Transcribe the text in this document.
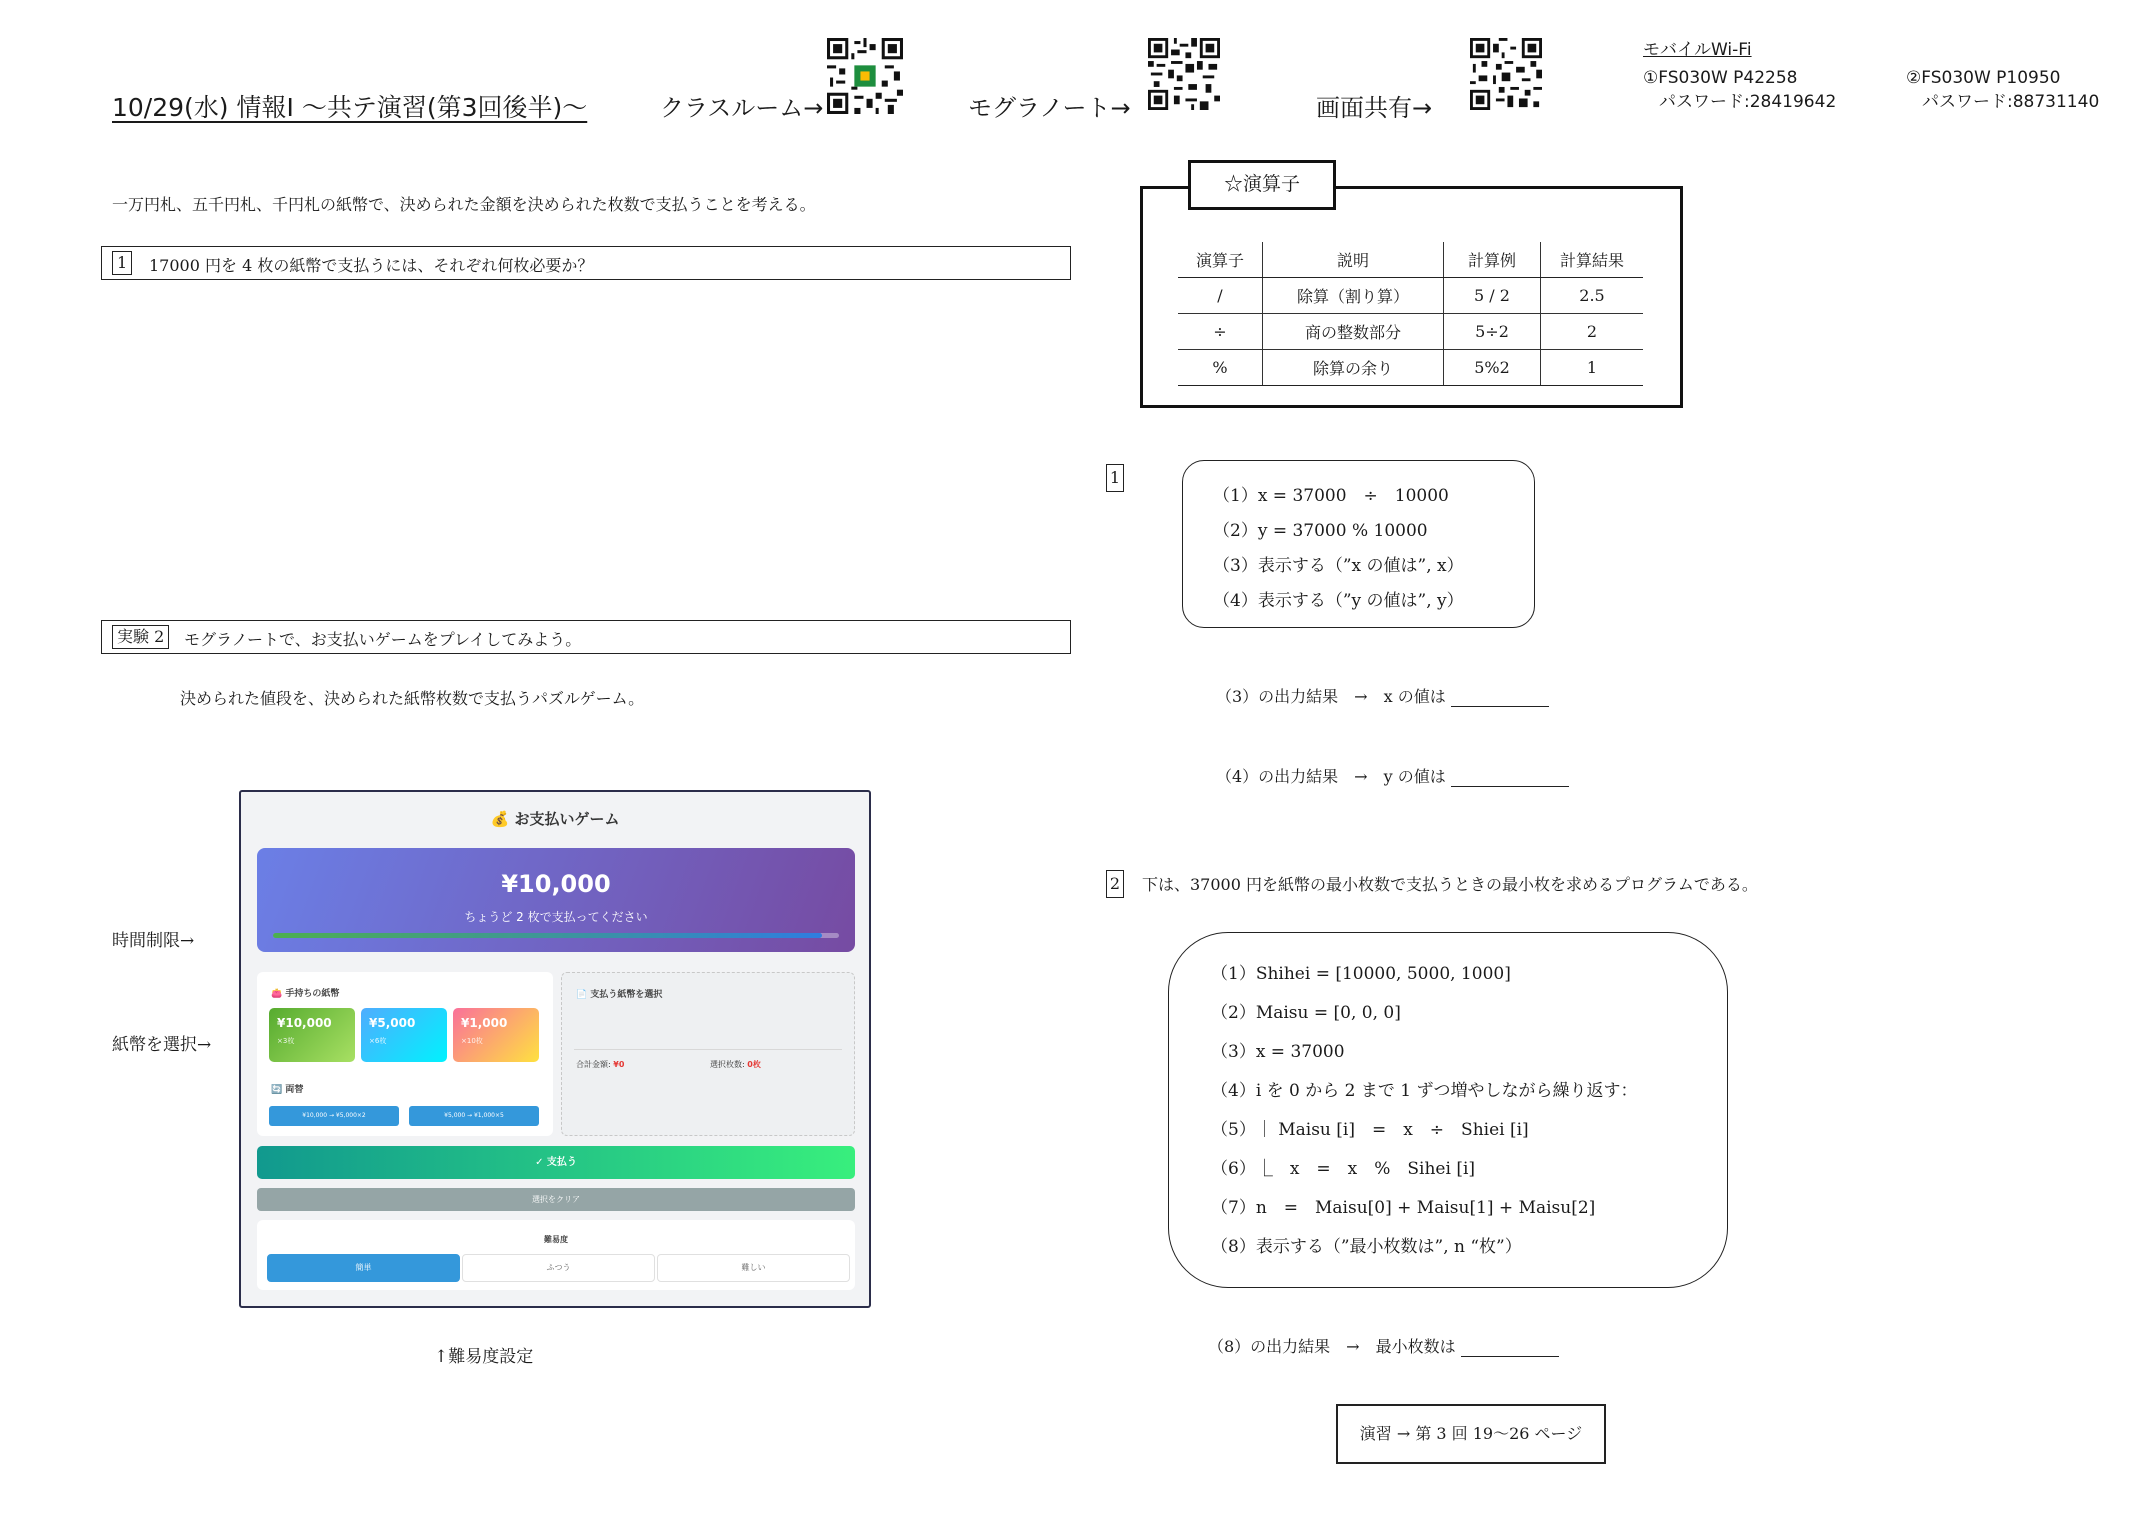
10/29(水) 情報Ⅰ ～共テ演習(第3回後半)～	クラスルーム→	モグラノート→	画面共有→
モバイルWi-Fi
①FS030W P42258
パスワード:28419642
②FS030W P10950
パスワード:88731140
一万円札、五千円札、千円札の紙幣で、決められた金額を決められた枚数で支払うことを考える。
1	17000 円を 4 枚の紙幣で支払うには、それぞれ何枚必要か？
実験 2	モグラノートで、お支払いゲームをプレイしてみよう。
決められた値段を、決められた紙幣枚数で支払うパズルゲーム。
時間制限→
紙幣を選択→
↑難易度設定
💰 お支払いゲーム
¥10,000
ちょうど 2 枚で支払ってください
👛 手持ちの紙幣
¥10,000
×3枚
¥5,000
×6枚
¥1,000
×10枚
🔄 両替
¥10,000 → ¥5,000×2	¥5,000 → ¥1,000×5
📄 支払う紙幣を選択
合計金額: ¥0	選択枚数: 0枚
✓ 支払う
選択をクリア
難易度
簡単	ふつう	難しい
☆演算子
演算子	説明	計算例	計算結果
/	除算（割り算）	5 / 2	2.5
÷	商の整数部分	5÷2	2
%	除算の余り	5%2	1
1
（1）x = 37000　÷　10000
（2）y = 37000 % 10000
（3）表示する（”x の値は”, x）
（4）表示する（”y の値は”, y）
（3）の出力結果　→　x の値は
（4）の出力結果　→　y の値は
2 下は、37000 円を紙幣の最小枚数で支払うときの最小枚を求めるプログラムである。
（1）Shihei = [10000, 5000, 1000]
（2）Maisu = [0, 0, 0]
（3）x = 37000
（4）i を 0 から 2 まで 1 ずつ増やしながら繰り返す：
（5）｜ Maisu [i]　=　x　÷　Shiei [i]
（6）⎿　x　=　x　%　Sihei [i]
（7）n　=　Maisu[0] + Maisu[1] + Maisu[2]
（8）表示する（”最小枚数は”, n “枚”）
（8）の出力結果　→　最小枚数は
演習 → 第 3 回 19～26 ページ
